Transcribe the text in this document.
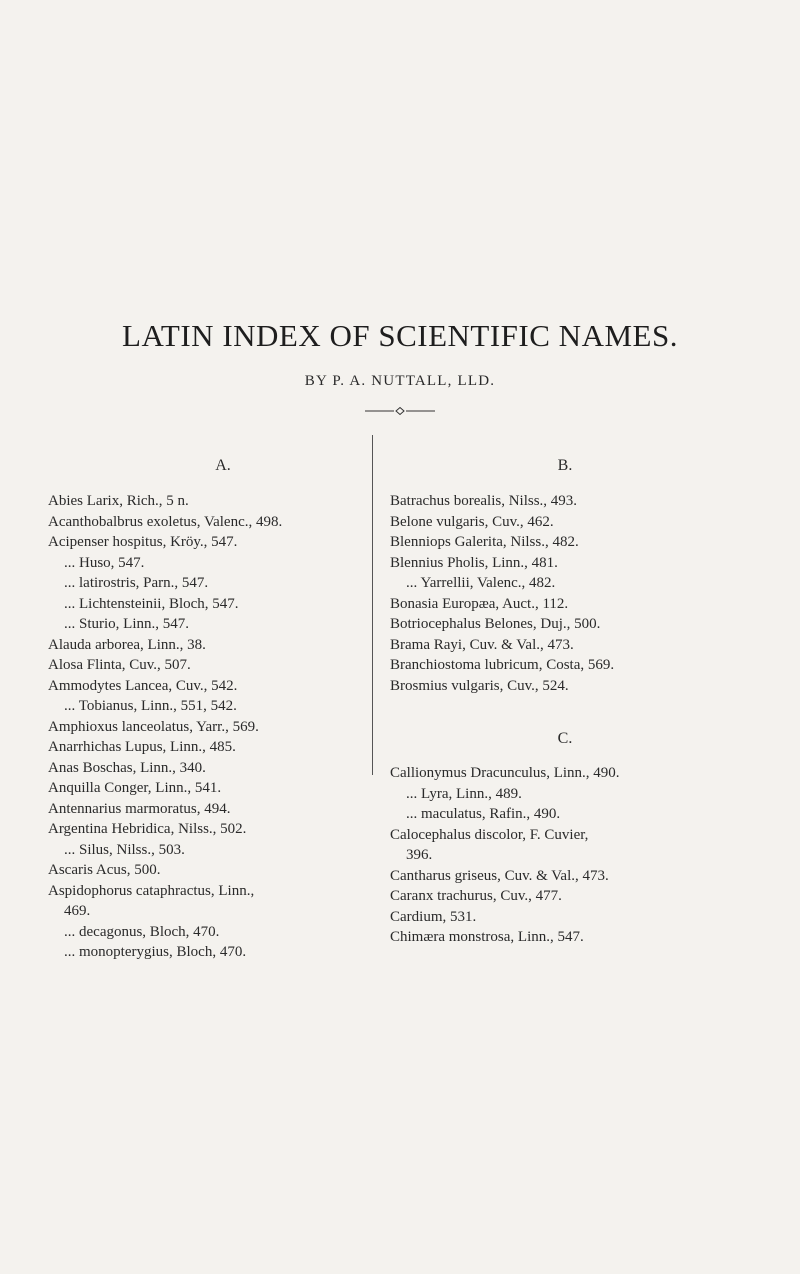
LATIN INDEX OF SCIENTIFIC NAMES.
BY P. A. NUTTALL, LLD.
A.
Abies Larix, Rich., 5 n.
Acanthobalbrus exoletus, Valenc., 498.
Acipenser hospitus, Kröy., 547.
... Huso, 547.
... latirostris, Parn., 547.
... Lichtensteinii, Bloch, 547.
... Sturio, Linn., 547.
Alauda arborea, Linn., 38.
Alosa Flinta, Cuv., 507.
Ammodytes Lancea, Cuv., 542.
... Tobianus, Linn., 551, 542.
Amphioxus lanceolatus, Yarr., 569.
Anarrhichas Lupus, Linn., 485.
Anas Boschas, Linn., 340.
Anquilla Conger, Linn., 541.
Antennarius marmoratus, 494.
Argentina Hebridica, Nilss., 502.
... Silus, Nilss., 503.
Ascaris Acus, 500.
Aspidophorus cataphractus, Linn.,
469.
... decagonus, Bloch, 470.
... monopterygius, Bloch, 470.
B.
Batrachus borealis, Nilss., 493.
Belone vulgaris, Cuv., 462.
Blenniops Galerita, Nilss., 482.
Blennius Pholis, Linn., 481.
... Yarrellii, Valenc., 482.
Bonasia Europæa, Auct., 112.
Botriocephalus Belones, Duj., 500.
Brama Rayi, Cuv. & Val., 473.
Branchiostoma lubricum, Costa, 569.
Brosmius vulgaris, Cuv., 524.
C.
Callionymus Dracunculus, Linn., 490.
... Lyra, Linn., 489.
... maculatus, Rafin., 490.
Calocephalus discolor, F. Cuvier,
396.
Cantharus griseus, Cuv. & Val., 473.
Caranx trachurus, Cuv., 477.
Cardium, 531.
Chimæra monstrosa, Linn., 547.
